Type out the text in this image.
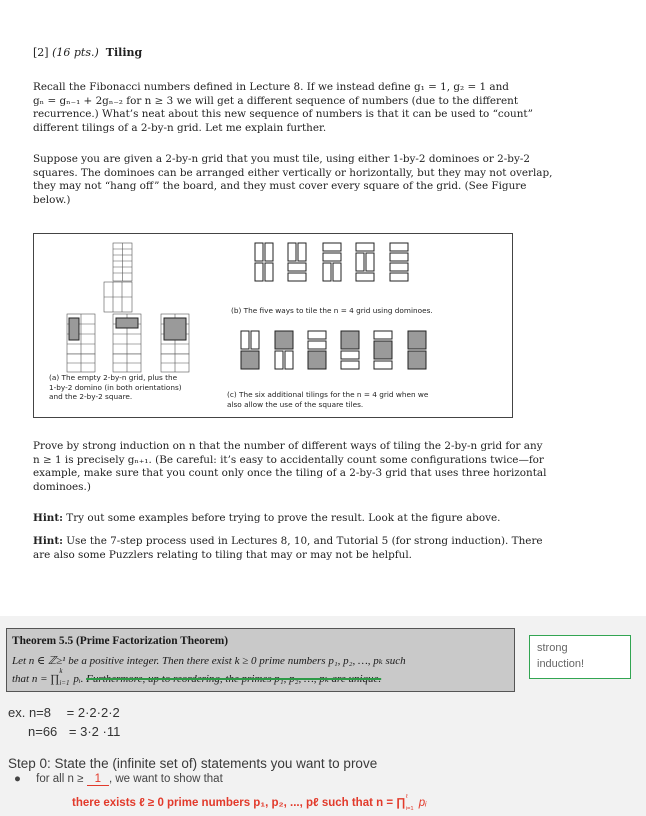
[2] (16 pts.) Tiling
Recall the Fibonacci numbers defined in Lecture 8. If we instead define g₁ = 1, g₂ = 1 and
gₙ = gₙ₋₁ + 2gₙ₋₂ for n ≥ 3 we will get a different sequence of numbers (due to the different
recurrence.) What’s neat about this new sequence of numbers is that it can be used to “count”
different tilings of a 2-by-n grid. Let me explain further.
Suppose you are given a 2-by-n grid that you must tile, using either 1-by-2 dominoes or 2-by-2
squares. The dominoes can be arranged either vertically or horizontally, but they may not overlap,
they may not “hang off” the board, and they must cover every square of the grid. (See Figure
below.)
(a) The empty 2-by-n grid, plus the
1-by-2 domino (in both orientations)
and the 2-by-2 square.
(b) The five ways to tile the n = 4 grid using dominoes.
(c) The six additional tilings for the n = 4 grid when we
also allow the use of the square tiles.
Prove by strong induction on n that the number of different ways of tiling the 2-by-n grid for any
n ≥ 1 is precisely gₙ₊₁. (Be careful: it’s easy to accidentally count some configurations twice—for
example, make sure that you count only once the tiling of a 2-by-3 grid that uses three horizontal
dominoes.)
Hint: Try out some examples before trying to prove the result. Look at the figure above.
Hint: Use the 7-step process used in Lectures 8, 10, and Tutorial 5 (for strong induction). There
are also some Puzzlers relating to tiling that may or may not be helpful.
Theorem 5.5 (Prime Factorization Theorem)
Let n ∈ ℤ≥¹ be a positive integer. Then there exist k ≥ 0 prime numbers p₁, p₂, …, pₖ such
that n = ∏
k
i=1 pᵢ. Furthermore, up to reordering, the primes p₁, p₂, …, pₖ are unique.
strong
induction!
ex. n=8 = 2·2·2·2
n=66 = 3·2 ·11
Step 0: State the (infinite set of) statements you want to prove
● for all n ≥ 1 , we want to show that
there exists ℓ ≥ 0 prime numbers p₁, p₂, ..., pℓ such that n = ∏ ℓ
i=1 pᵢ
